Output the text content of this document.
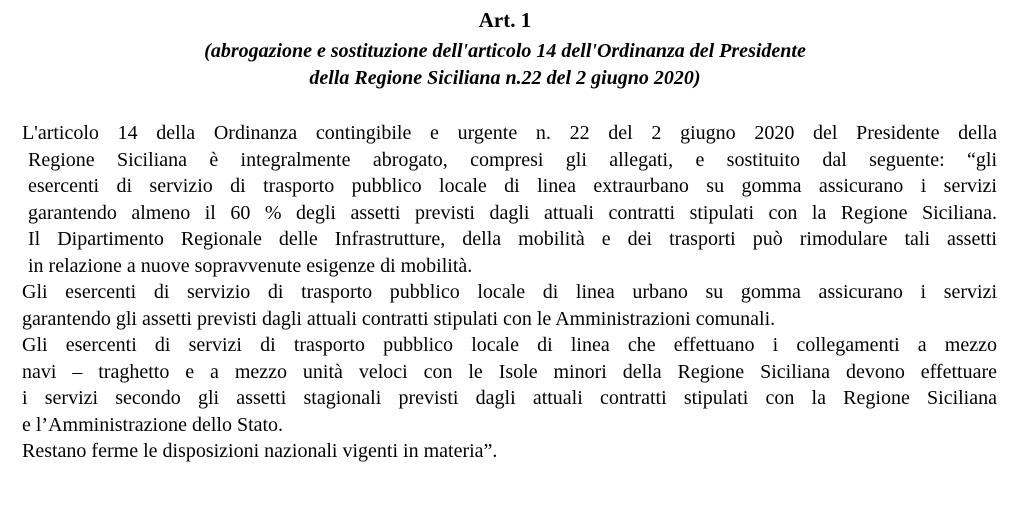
Art. 1
(abrogazione e sostituzione dell'articolo 14 dell'Ordinanza del Presidente
della Regione Siciliana n.22 del 2 giugno 2020)
L'articolo 14 della Ordinanza contingibile e urgente n. 22 del 2 giugno 2020 del Presidente della
Regione Siciliana è integralmente abrogato, compresi gli allegati, e sostituito dal seguente: “gli
esercenti di servizio di trasporto pubblico locale di linea extraurbano su gomma assicurano i servizi
garantendo almeno il 60 % degli assetti previsti dagli attuali contratti stipulati con la Regione Siciliana.
Il Dipartimento Regionale delle Infrastrutture, della mobilità e dei trasporti può rimodulare tali assetti
in relazione a nuove sopravvenute esigenze di mobilità.
Gli esercenti di servizio di trasporto pubblico locale di linea urbano su gomma assicurano i servizi
garantendo gli assetti previsti dagli attuali contratti stipulati con le Amministrazioni comunali.
Gli esercenti di servizi di trasporto pubblico locale di linea che effettuano i collegamenti a mezzo
navi – traghetto e a mezzo unità veloci con le Isole minori della Regione Siciliana devono effettuare
i servizi secondo gli assetti stagionali previsti dagli attuali contratti stipulati con la Regione Siciliana
e l’Amministrazione dello Stato.
Restano ferme le disposizioni nazionali vigenti in materia”.
